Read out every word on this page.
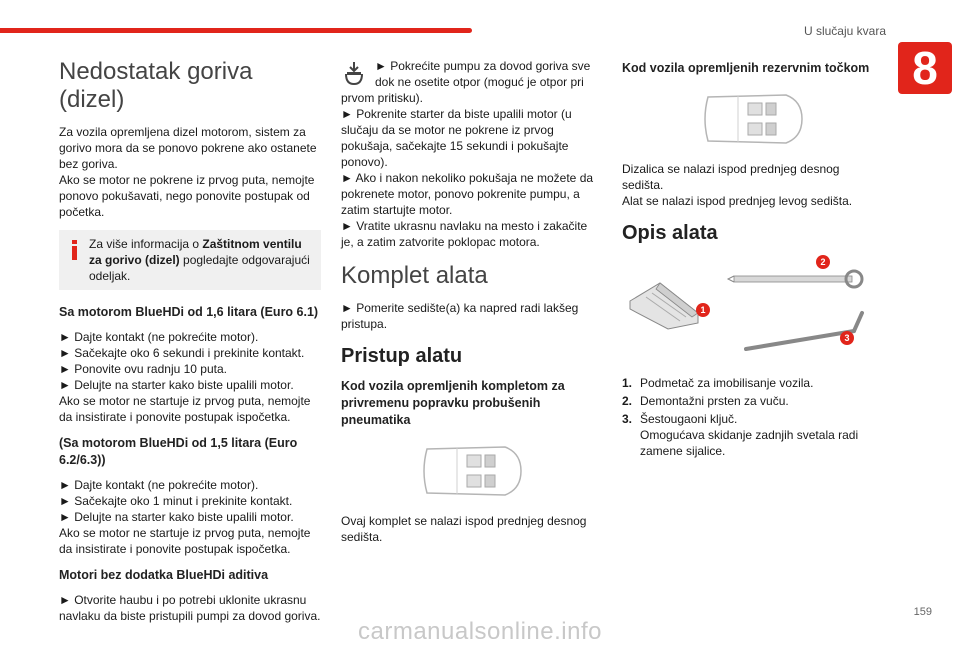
U slučaju kvara
8
Nedostatak goriva (dizel)

Za vozila opremljena dizel motorom, sistem za gorivo mora da se ponovo pokrene ako ostanete bez goriva.

Ako se motor ne pokrene iz prvog puta, nemojte ponovo pokušavati, nego ponovite postupak od početka.

Za više informacija o Zaštitnom ventilu za gorivo (dizel) pogledajte odgovarajući odeljak.
Sa motorom BlueHDi od 1,6 litara (Euro 6.1)

► Dajte kontakt (ne pokrećite motor).

► Sačekajte oko 6 sekundi i prekinite kontakt.

► Ponovite ovu radnju 10 puta.

► Delujte na starter kako biste upalili motor.

Ako se motor ne startuje iz prvog puta, nemojte da insistirate i ponovite postupak ispočetka.

(Sa motorom BlueHDi od 1,5 litara (Euro 6.2/6.3))

► Dajte kontakt (ne pokrećite motor).

► Sačekajte oko 1 minut i prekinite kontakt.

► Delujte na starter kako biste upalili motor.

Ako se motor ne startuje iz prvog puta, nemojte da insistirate i ponovite postupak ispočetka.

Motori bez dodatka BlueHDi aditiva

► Otvorite haubu i po potrebi uklonite ukrasnu navlaku da biste pristupili pumpi za dovod goriva.

► Pokrećite pumpu za dovod goriva sve dok ne osetite otpor (moguć je otpor pri prvom pritisku).

► Pokrenite starter da biste upalili motor (u slučaju da se motor ne pokrene iz prvog pokušaja, sačekajte 15 sekundi i pokušajte ponovo).

► Ako i nakon nekoliko pokušaja ne možete da pokrenete motor, ponovo pokrenite pumpu, a zatim startujte motor.

► Vratite ukrasnu navlaku na mesto i zakačite je, a zatim zatvorite poklopac motora.

Komplet alata

► Pomerite sedište(a) ka napred radi lakšeg pristupa.

Pristup alatu
Kod vozila opremljenih kompletom za privremenu popravku probušenih pneumatika

Ovaj komplet se nalazi ispod prednjeg desnog sedišta.

Kod vozila opremljenih rezervnim točkom

Dizalica se nalazi ispod prednjeg desnog sedišta.

Alat se nalazi ispod prednjeg levog sedišta.

Opis alata
1
2
3
1. Podmetač za imobilisanje vozila.
2. Demontažni prsten za vuču.
3. Šestougaoni ključ.
Omogućava skidanje zadnjih svetala radi zamene sijalice.
159
carmanualsonline.info
